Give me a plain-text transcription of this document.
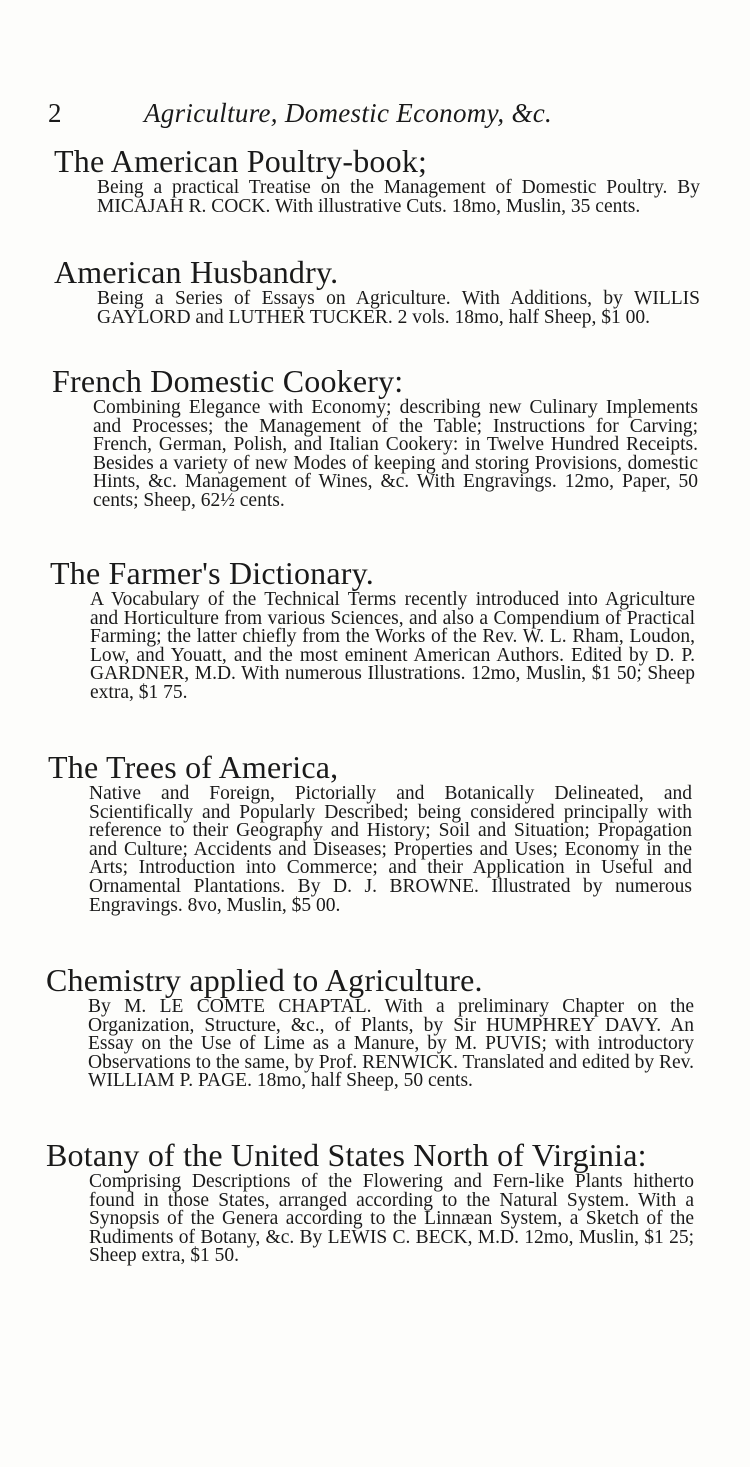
2	Agriculture, Domestic Economy, &c.
The American Poultry-book;

Being a practical Treatise on the Management of Domestic Poultry. By MICAJAH R. COCK. With illustrative Cuts. 18mo, Muslin, 35 cents.

American Husbandry.

Being a Series of Essays on Agriculture. With Additions, by WILLIS GAYLORD and LUTHER TUCKER. 2 vols. 18mo, half Sheep, $1 00.

French Domestic Cookery:

Combining Elegance with Economy; describing new Culinary Implements and Processes; the Management of the Table; Instructions for Carving; French, German, Polish, and Italian Cookery: in Twelve Hundred Receipts. Besides a variety of new Modes of keeping and storing Provisions, domestic Hints, &c. Management of Wines, &c. With Engravings. 12mo, Paper, 50 cents; Sheep, 62½ cents.

The Farmer's Dictionary.

A Vocabulary of the Technical Terms recently introduced into Agriculture and Horticulture from various Sciences, and also a Compendium of Practical Farming; the latter chiefly from the Works of the Rev. W. L. Rham, Loudon, Low, and Youatt, and the most eminent American Authors. Edited by D. P. GARDNER, M.D. With numerous Illustrations. 12mo, Muslin, $1 50; Sheep extra, $1 75.

The Trees of America,

Native and Foreign, Pictorially and Botanically Delineated, and Scientifically and Popularly Described; being considered principally with reference to their Geography and History; Soil and Situation; Propagation and Culture; Accidents and Diseases; Properties and Uses; Economy in the Arts; Introduction into Commerce; and their Application in Useful and Ornamental Plantations. By D. J. BROWNE. Illustrated by numerous Engravings. 8vo, Muslin, $5 00.

Chemistry applied to Agriculture.

By M. LE COMTE CHAPTAL. With a preliminary Chapter on the Organization, Structure, &c., of Plants, by Sir HUMPHREY DAVY. An Essay on the Use of Lime as a Manure, by M. PUVIS; with introductory Observations to the same, by Prof. RENWICK. Translated and edited by Rev. WILLIAM P. PAGE. 18mo, half Sheep, 50 cents.

Botany of the United States North of Virginia:

Comprising Descriptions of the Flowering and Fern-like Plants hitherto found in those States, arranged according to the Natural System. With a Synopsis of the Genera according to the Linnæan System, a Sketch of the Rudiments of Botany, &c. By LEWIS C. BECK, M.D. 12mo, Muslin, $1 25; Sheep extra, $1 50.
